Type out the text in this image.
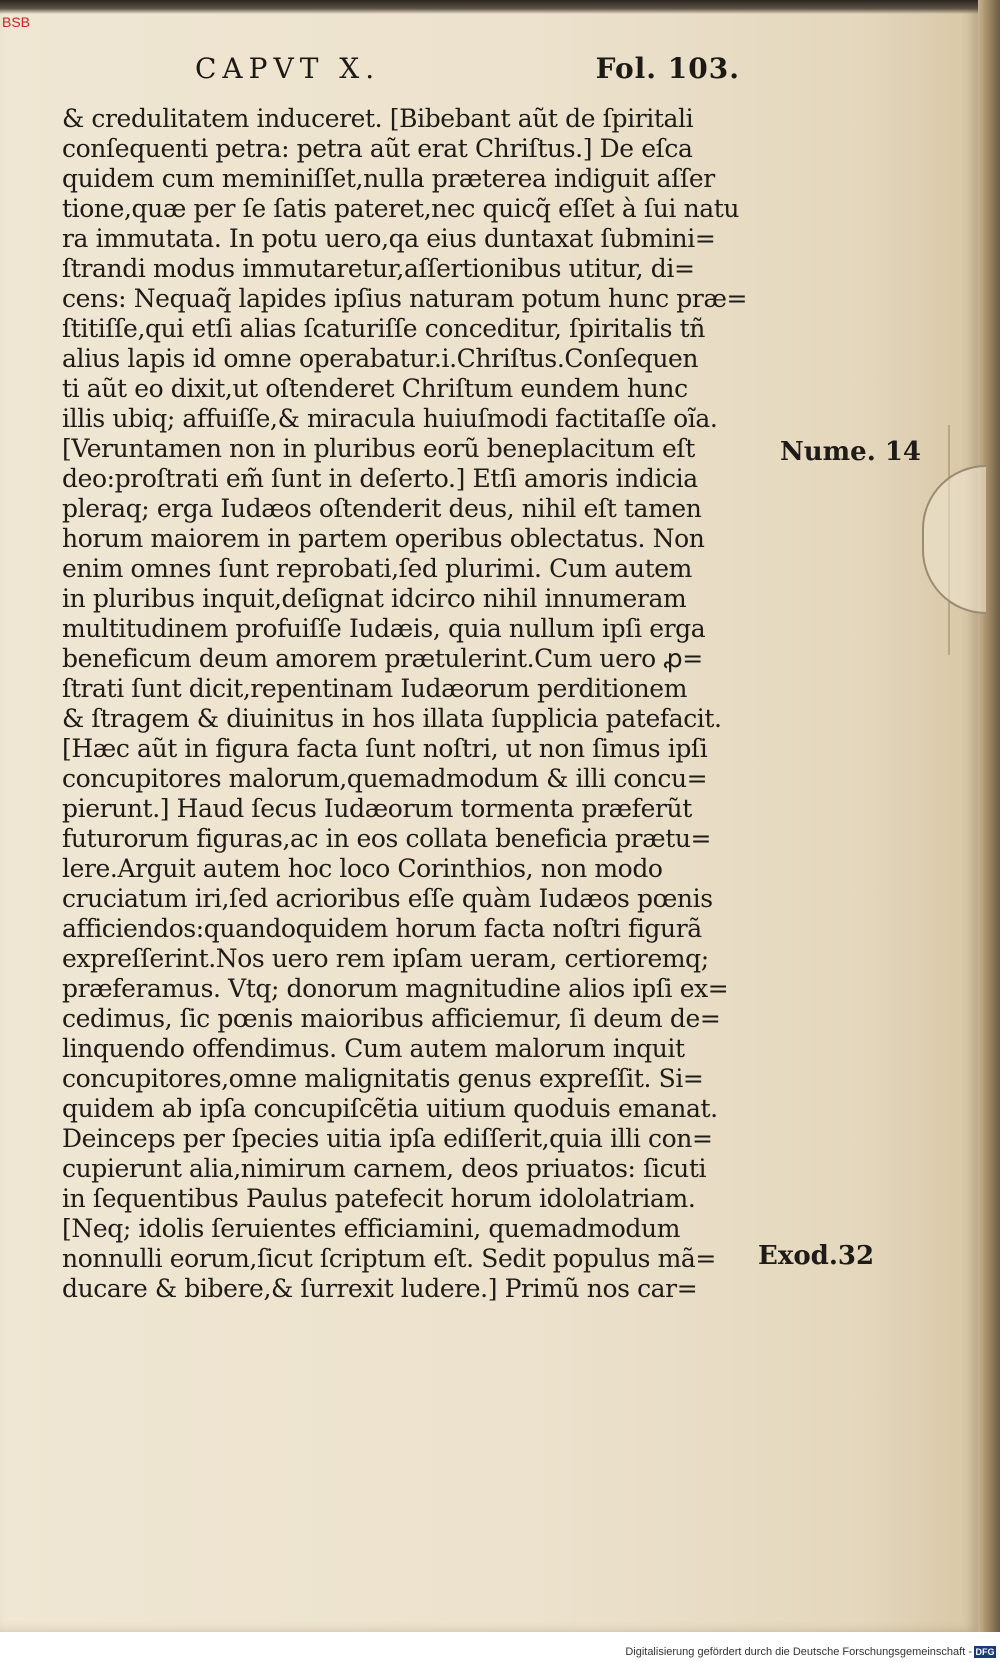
BSB
CAPVT X.	Fol. 103.
& credulitatem induceret. [Bibebant aũt de ſpiritali
conſequenti petra: petra aũt erat Chriſtus.] De eſca
quidem cum meminiſſet,nulla præterea indiguit aſſer
tione,quæ per ſe ſatis pateret,nec quicq̃ eſſet à ſui natu
ra immutata. In potu uero,qa eius duntaxat ſubmini=
ſtrandi modus immutaretur,aſſertionibus utitur, di=
cens: Nequaq̃ lapides ipſius naturam potum hunc præ=
ſtitiſſe,qui etſi alias ſcaturiſſe conceditur, ſpiritalis tñ
alius lapis id omne operabatur.i.Chriſtus.Conſequen
ti aũt eo dixit,ut oſtenderet Chriſtum eundem hunc
illis ubiq; affuiſſe,& miracula huiuſmodi factitaſſe oĩa.
[Veruntamen non in pluribus eorũ beneplacitum eſt
deo:proſtrati em̃ ſunt in deſerto.] Etſi amoris indicia
pleraq; erga Iudæos oſtenderit deus, nihil eſt tamen
horum maiorem in partem operibus oblectatus. Non
enim omnes ſunt reprobati,ſed plurimi. Cum autem
in pluribus inquit,deſignat idcirco nihil innumeram
multitudinem profuiſſe Iudæis, quia nullum ipſi erga
beneficum deum amorem prætulerint.Cum uero ꝓ=
ſtrati ſunt dicit,repentinam Iudæorum perditionem
& ſtragem & diuinitus in hos illata ſupplicia patefacit.
[Hæc aũt in figura facta ſunt noſtri, ut non ſimus ipſi
concupitores malorum,quemadmodum & illi concu=
pierunt.] Haud ſecus Iudæorum tormenta præferũt
futurorum figuras,ac in eos collata beneficia prætu=
lere.Arguit autem hoc loco Corinthios, non modo
cruciatum iri,ſed acrioribus eſſe quàm Iudæos pœnis
afficiendos:quandoquidem horum facta noſtri figurã
expreſſerint.Nos uero rem ipſam ueram, certioremq;
præferamus. Vtq; donorum magnitudine alios ipſi ex=
cedimus, ſic pœnis maioribus afficiemur, ſi deum de=
linquendo offendimus. Cum autem malorum inquit
concupitores,omne malignitatis genus expreſſit. Si=
quidem ab ipſa concupiſcẽtia uitium quoduis emanat.
Deinceps per ſpecies uitia ipſa ediſſerit,quia illi con=
cupierunt alia,nimirum carnem, deos priuatos: ſicuti
in ſequentibus Paulus patefecit horum idololatriam.
[Neq; idolis ſeruientes efficiamini, quemadmodum
nonnulli eorum,ſicut ſcriptum eſt. Sedit populus mã=
ducare & bibere,& ſurrexit ludere.] Primũ nos car=
Nume. 14
Exod.32
Digitalisierung gefördert durch die Deutsche Forschungsgemeinschaft - DFG
